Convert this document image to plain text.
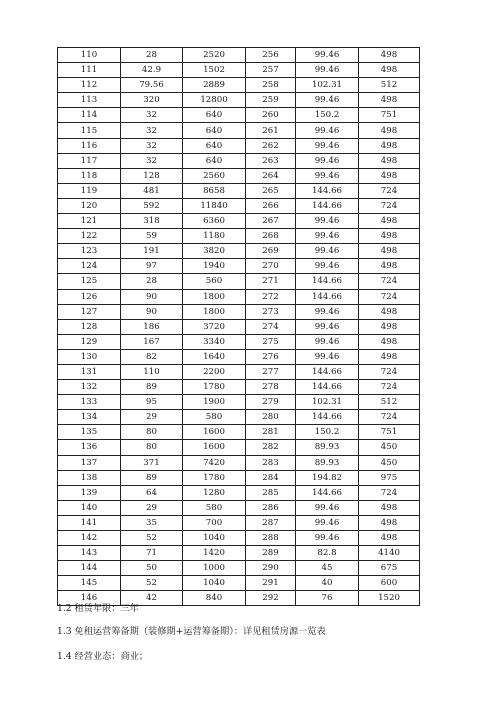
110	28	2520	256	99.46	498
111	42.9	1502	257	99.46	498
112	79.56	2889	258	102.31	512
113	320	12800	259	99.46	498
114	32	640	260	150.2	751
115	32	640	261	99.46	498
116	32	640	262	99.46	498
117	32	640	263	99.46	498
118	128	2560	264	99.46	498
119	481	8658	265	144.66	724
120	592	11840	266	144.66	724
121	318	6360	267	99.46	498
122	59	1180	268	99.46	498
123	191	3820	269	99.46	498
124	97	1940	270	99.46	498
125	28	560	271	144.66	724
126	90	1800	272	144.66	724
127	90	1800	273	99.46	498
128	186	3720	274	99.46	498
129	167	3340	275	99.46	498
130	82	1640	276	99.46	498
131	110	2200	277	144.66	724
132	89	1780	278	144.66	724
133	95	1900	279	102.31	512
134	29	580	280	144.66	724
135	80	1600	281	150.2	751
136	80	1600	282	89.93	450
137	371	7420	283	89.93	450
138	89	1780	284	194.82	975
139	64	1280	285	144.66	724
140	29	580	286	99.46	498
141	35	700	287	99.46	498
142	52	1040	288	99.46	498
143	71	1420	289	82.8	4140
144	50	1000	290	45	675
145	52	1040	291	40	600
146	42	840	292	76	1520
1.2 租赁年限：三年
1.3 免租运营筹备期（装修期+运营筹备期）：详见租赁房源一览表
1.4 经营业态：商业；
